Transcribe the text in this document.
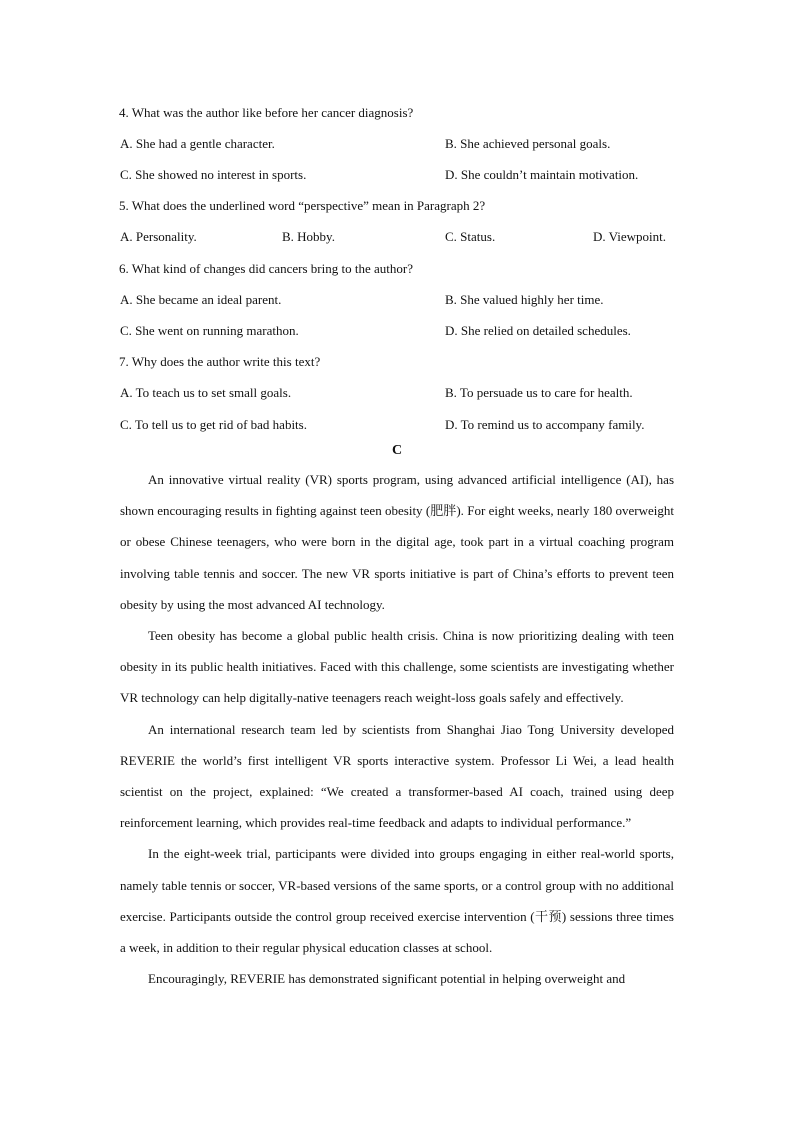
4. What was the author like before her cancer diagnosis?
A. She had a gentle character.	B. She achieved personal goals.
C. She showed no interest in sports.	D. She couldn’t maintain motivation.
5. What does the underlined word “perspective” mean in Paragraph 2?
A. Personality.	B. Hobby.	C. Status.	D. Viewpoint.
6. What kind of changes did cancers bring to the author?
A. She became an ideal parent.	B. She valued highly her time.
C. She went on running marathon.	D. She relied on detailed schedules.
7. Why does the author write this text?
A. To teach us to set small goals.	B. To persuade us to care for health.
C. To tell us to get rid of bad habits.	D. To remind us to accompany family.
C

An innovative virtual reality (VR) sports program, using advanced artificial intelligence (AI), has shown encouraging results in fighting against teen obesity (肥胖). For eight weeks, nearly 180 overweight or obese Chinese teenagers, who were born in the digital age, took part in a virtual coaching program involving table tennis and soccer. The new VR sports initiative is part of China’s efforts to prevent teen obesity by using the most advanced AI technology.

Teen obesity has become a global public health crisis. China is now prioritizing dealing with teen obesity in its public health initiatives. Faced with this challenge, some scientists are investigating whether VR technology can help digitally-native teenagers reach weight-loss goals safely and effectively.

An international research team led by scientists from Shanghai Jiao Tong University developed REVERIE the world’s first intelligent VR sports interactive system. Professor Li Wei, a lead health scientist on the project, explained: “We created a transformer-based AI coach, trained using deep reinforcement learning, which provides real-time feedback and adapts to individual performance.”

In the eight-week trial, participants were divided into groups engaging in either real-world sports, namely table tennis or soccer, VR-based versions of the same sports, or a control group with no additional exercise. Participants outside the control group received exercise intervention (干预) sessions three times a week, in addition to their regular physical education classes at school.

Encouragingly, REVERIE has demonstrated significant potential in helping overweight and
